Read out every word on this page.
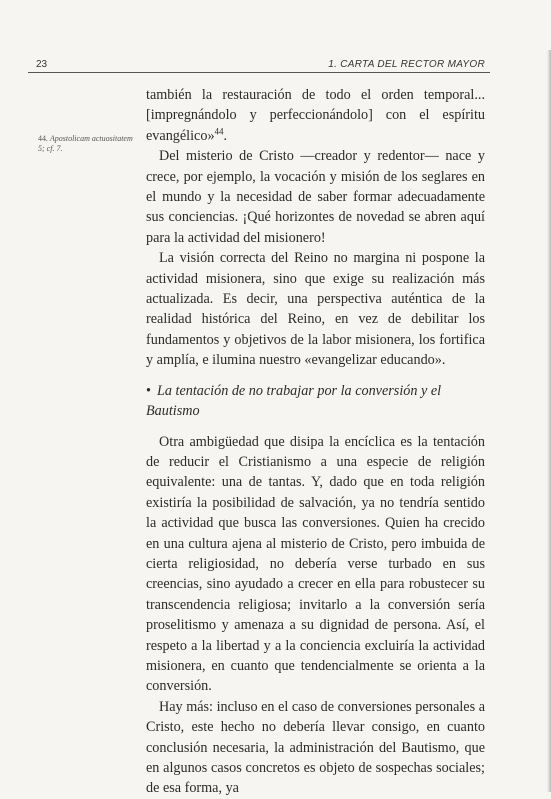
23	1. CARTA DEL RECTOR MAYOR
44. Apostolicam actuositatem 5; cf. 7.

también la restauración de todo el orden temporal... [impregnándolo y perfeccionándolo] con el espíritu evangélico»$^{44}$.

Del misterio de Cristo —creador y redentor— nace y crece, por ejemplo, la vocación y misión de los seglares en el mundo y la necesidad de saber formar adecuadamente sus conciencias. ¡Qué horizontes de novedad se abren aquí para la actividad del misionero!

La visión correcta del Reino no margina ni pospone la actividad misionera, sino que exige su realización más actualizada. Es decir, una perspectiva auténtica de la realidad histórica del Reino, en vez de debilitar los fundamentos y objetivos de la labor misionera, los fortifica y amplía, e ilumina nuestro «evangelizar educando».

• La tentación de no trabajar por la conversión y el Bautismo

Otra ambigüedad que disipa la encíclica es la tentación de reducir el Cristianismo a una especie de religión equivalente: una de tantas. Y, dado que en toda religión existiría la posibilidad de salvación, ya no tendría sentido la actividad que busca las conversiones. Quien ha crecido en una cultura ajena al misterio de Cristo, pero imbuida de cierta religiosidad, no debería verse turbado en sus creencias, sino ayudado a crecer en ella para robustecer su transcendencia religiosa; invitarlo a la conversión sería proselitismo y amenaza a su dignidad de persona. Así, el respeto a la libertad y a la conciencia excluiría la actividad misionera, en cuanto que tendencialmente se orienta a la conversión.

Hay más: incluso en el caso de conversiones personales a Cristo, este hecho no debería llevar consigo, en cuanto conclusión necesaria, la administración del Bautismo, que en algunos casos concretos es objeto de sospechas sociales; de esa forma, ya
